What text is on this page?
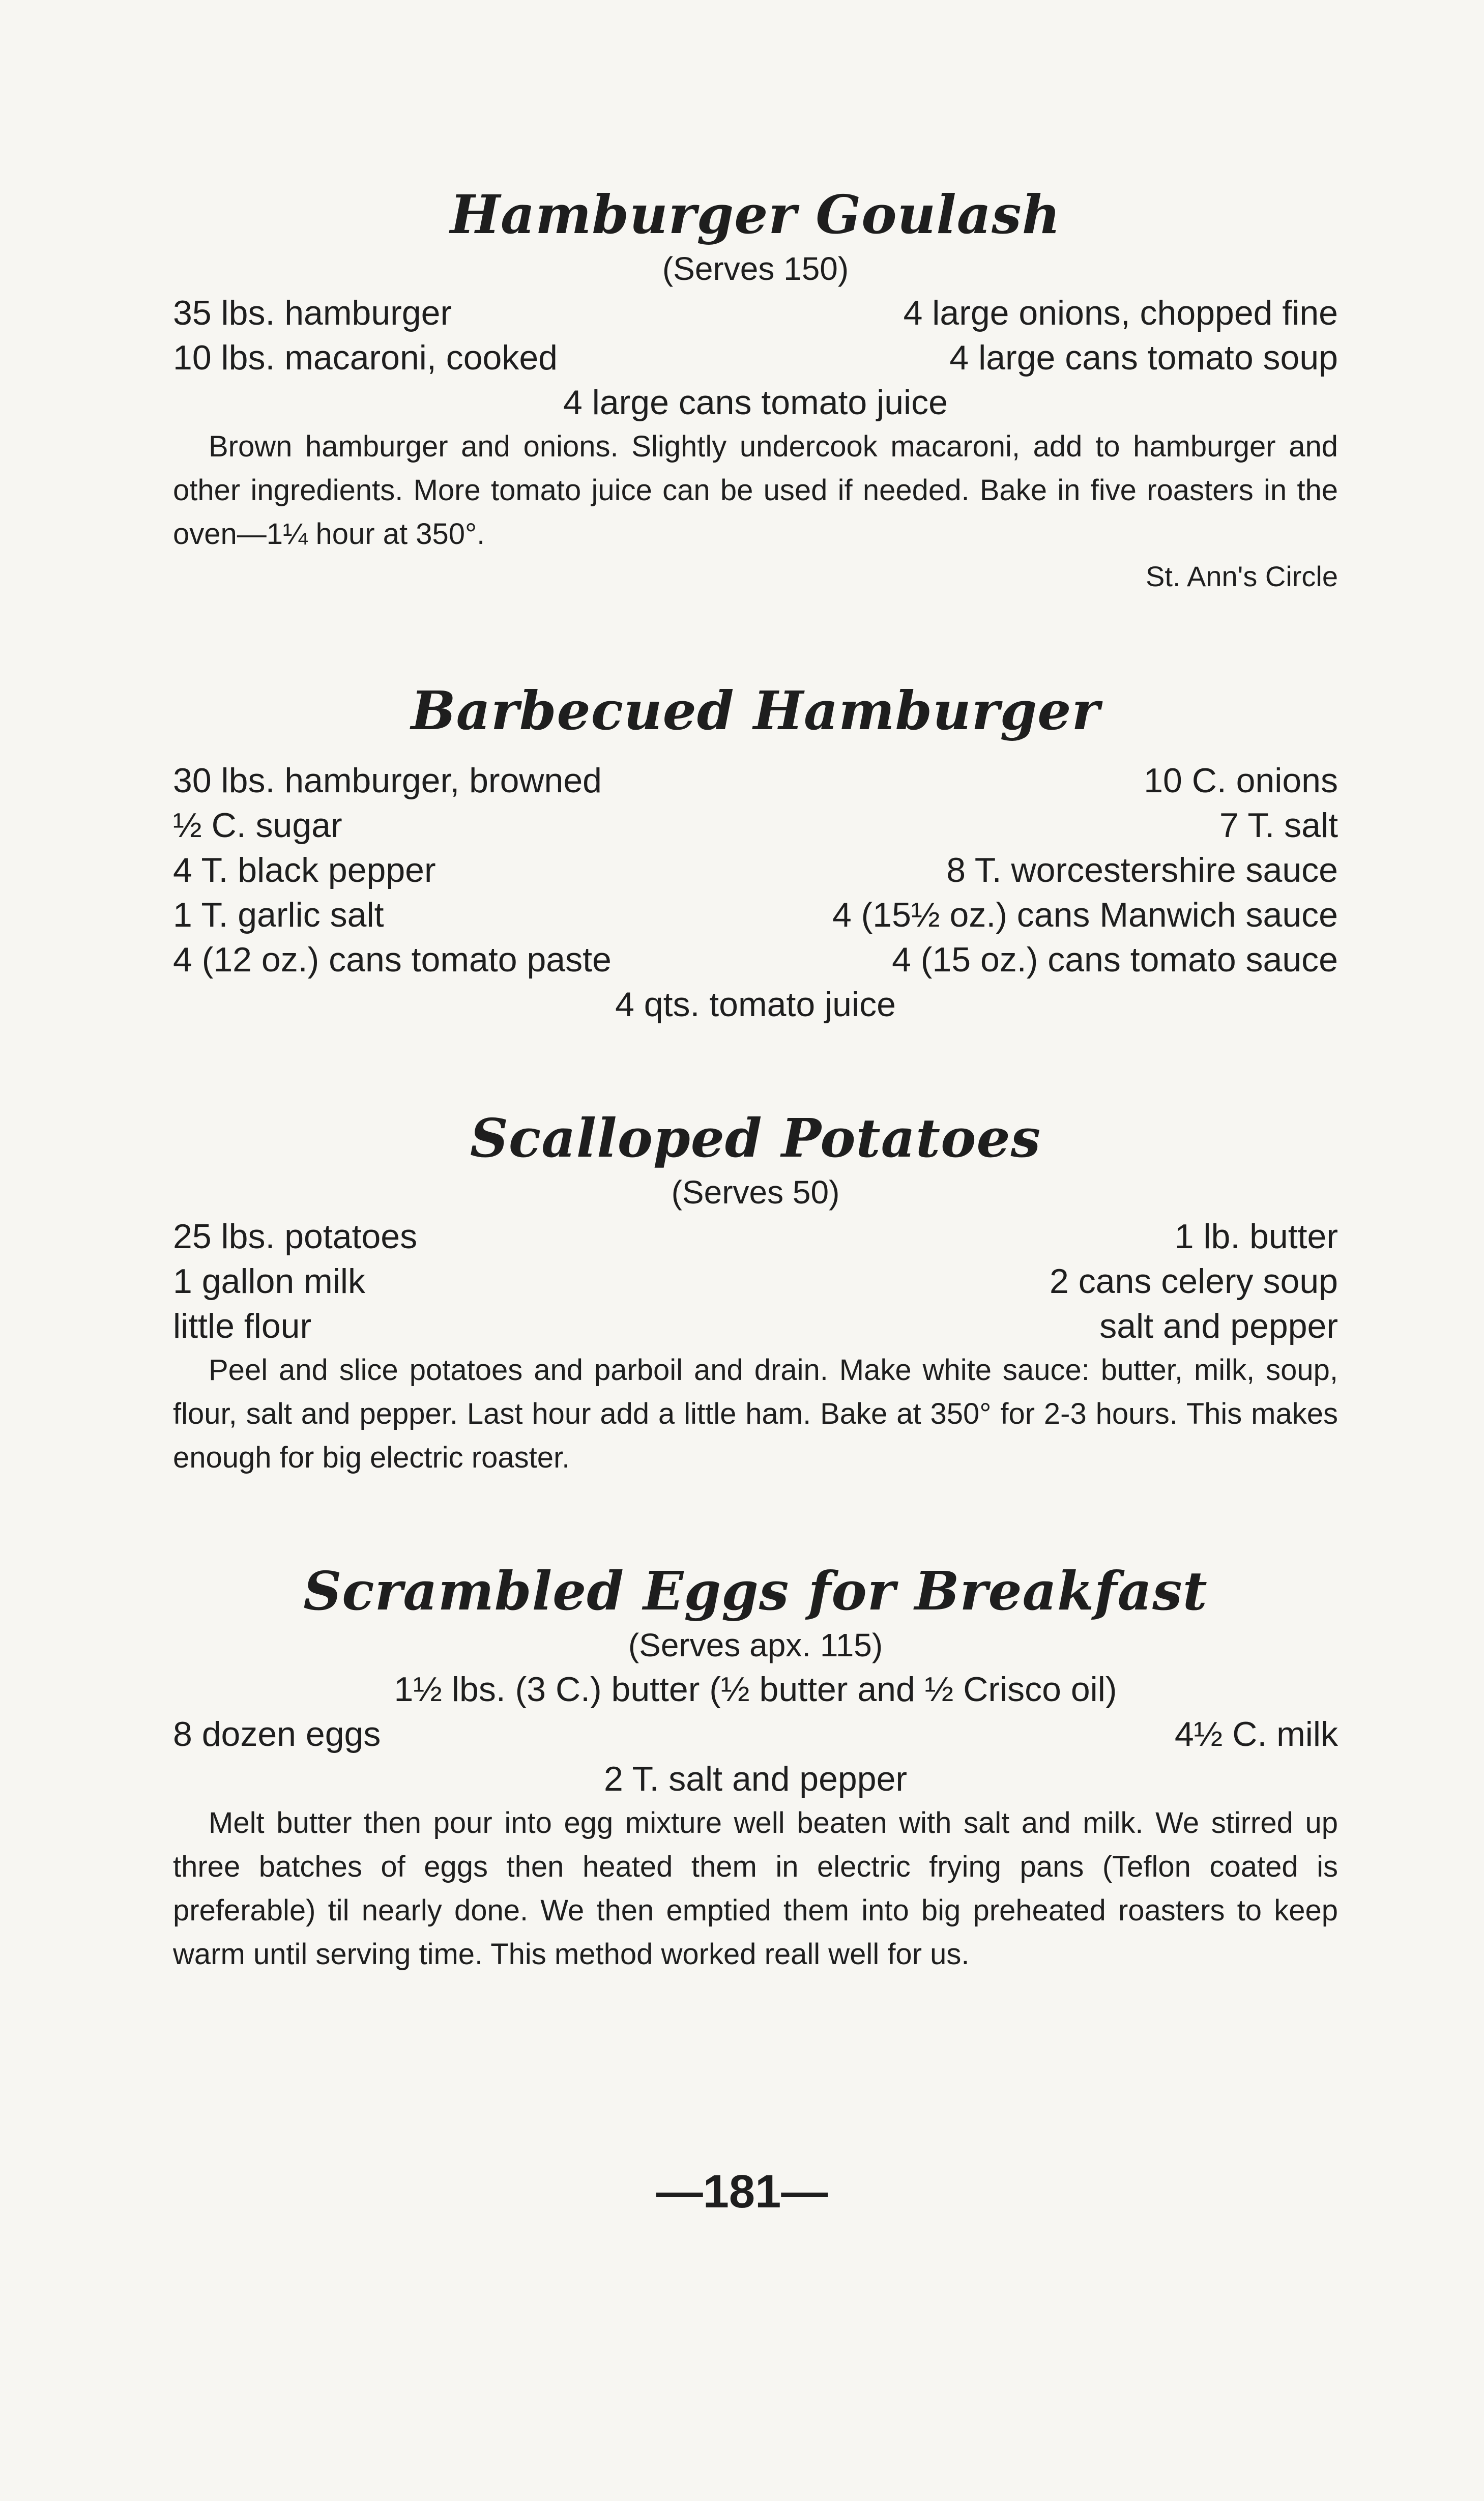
Hamburger Goulash

(Serves 150)

35 lbs. hamburger	4 large onions, chopped fine
10 lbs. macaroni, cooked	4 large cans tomato soup
4 large cans tomato juice

Brown hamburger and onions. Slightly undercook macaroni, add to hamburger and other ingredients. More tomato juice can be used if needed. Bake in five roasters in the oven—1¼ hour at 350°.

St. Ann's Circle
Barbecued Hamburger
30 lbs. hamburger, browned	10 C. onions
½ C. sugar	7 T. salt
4 T. black pepper	8 T. worcestershire sauce
1 T. garlic salt	4 (15½ oz.) cans Manwich sauce
4 (12 oz.) cans tomato paste	4 (15 oz.) cans tomato sauce
4 qts. tomato juice
Scalloped Potatoes

(Serves 50)

25 lbs. potatoes	1 lb. butter
1 gallon milk	2 cans celery soup
little flour	salt and pepper

Peel and slice potatoes and parboil and drain. Make white sauce: butter, milk, soup, flour, salt and pepper. Last hour add a little ham. Bake at 350° for 2-3 hours. This makes enough for big electric roaster.

Scrambled Eggs for Breakfast

(Serves apx. 115)

1½ lbs. (3 C.) butter (½ butter and ½ Crisco oil)
8 dozen eggs	4½ C. milk
2 T. salt and pepper

Melt butter then pour into egg mixture well beaten with salt and milk. We stirred up three batches of eggs then heated them in electric frying pans (Teflon coated is preferable) til nearly done. We then emptied them into big preheated roasters to keep warm until serving time. This method worked reall well for us.

—181—
